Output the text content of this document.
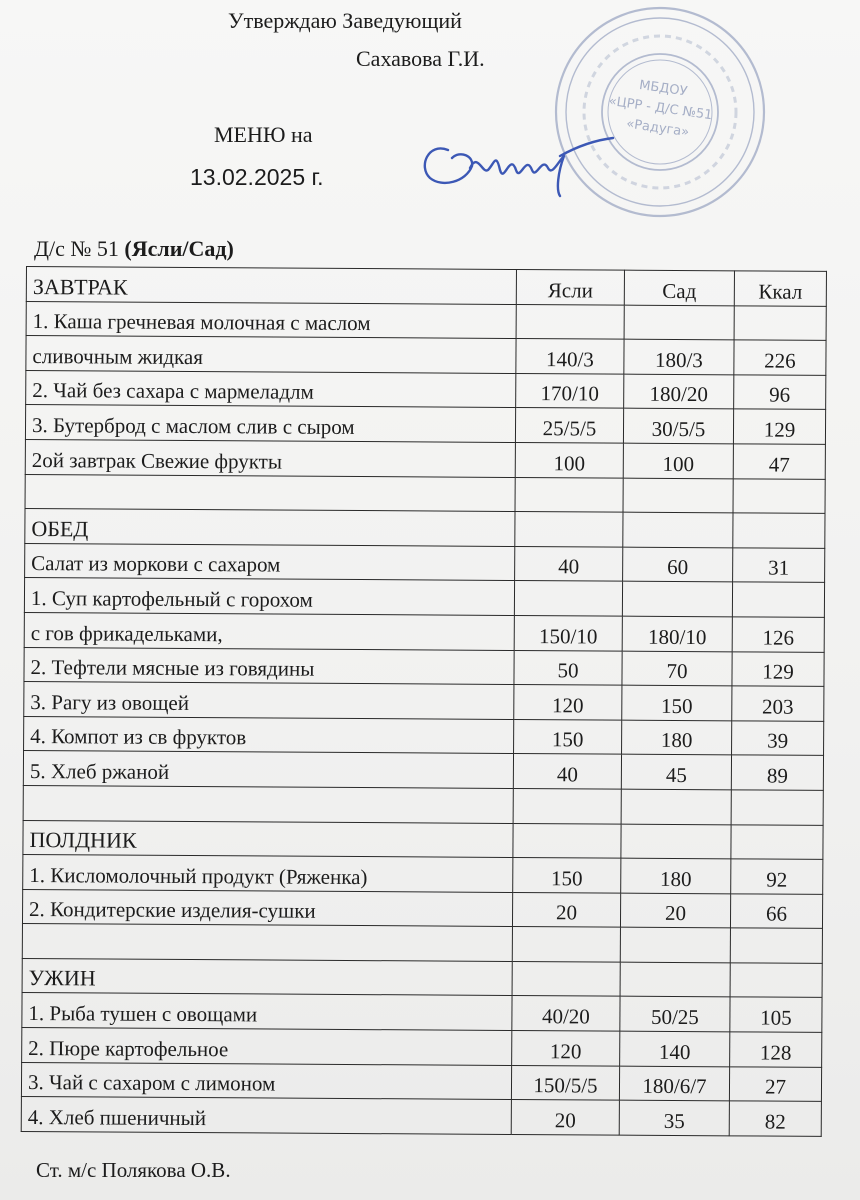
Утверждаю Заведующий
Сахавова Г.И.
МБДОУ
«ЦРР - Д/С №51
«Радуга»
МЕНЮ на
13.02.2025 г.
Д/с № 51 (Ясли/Сад)
ЗАВТРАК	Ясли	Сад	Ккал
1. Каша гречневая молочная с маслом			
сливочным жидкая	140/3	180/3	226
2. Чай без сахара с мармеладлм	170/10	180/20	96
3. Бутерброд с маслом слив с сыром	25/5/5	30/5/5	129
2ой завтрак Свежие фрукты	100	100	47

ОБЕД			
Салат из моркови с сахаром	40	60	31
1. Суп картофельный с горохом			
с гов фрикадельками,	150/10	180/10	126
2. Тефтели мясные из говядины	50	70	129
3. Рагу из овощей	120	150	203
4. Компот из св фруктов	150	180	39
5. Хлеб ржаной	40	45	89

ПОЛДНИК			
1. Кисломолочный продукт (Ряженка)	150	180	92
2. Кондитерские изделия-сушки	20	20	66

УЖИН			
1. Рыба тушен с овощами	40/20	50/25	105
2. Пюре картофельное	120	140	128
3. Чай с сахаром с лимоном	150/5/5	180/6/7	27
4. Хлеб пшеничный	20	35	82
Ст. м/с Полякова О.В.
